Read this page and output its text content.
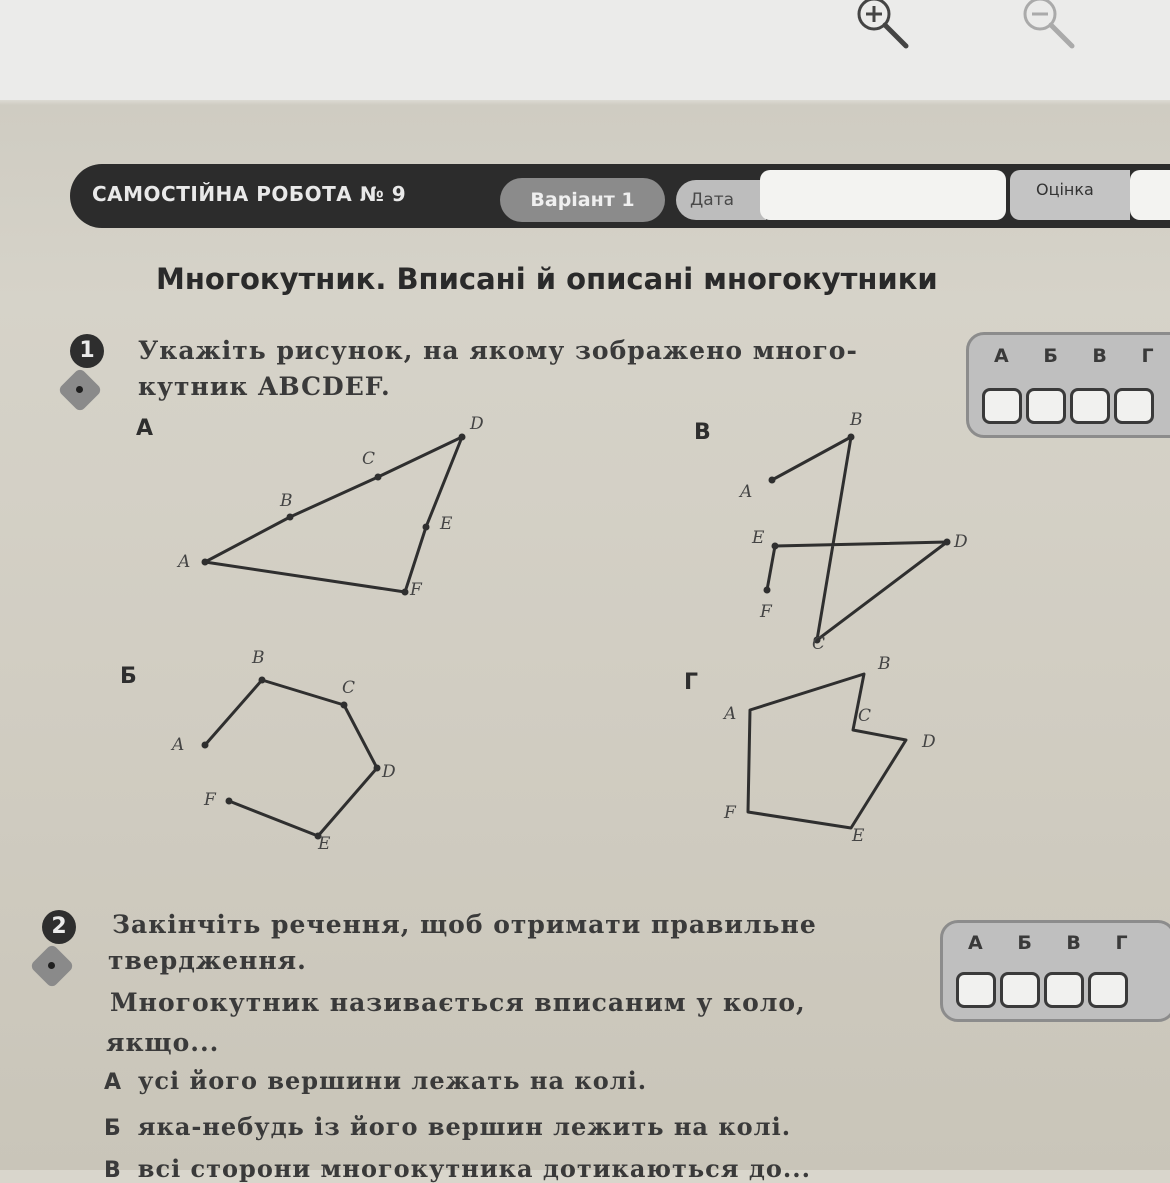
САМОСТІЙНА РОБОТА № 9	Варіант 1	Дата
Оцінка
Многокутник. Вписані й описані многокутники
1	Укажіть рисунок, на якому зображено много-
кутник ABCDEF.
А Б В Г
А	В
Б	Г
A
B
C
D
E
F
A
B
C
D
E
F
A
B
C
D
E
F
A
B
C
D
E
F
2	Закінчіть речення, щоб отримати правильне
твердження.
Многокутник називається вписаним у коло,
якщо...
А Б В Г
А усі його вершини лежать на колі.
Б яка-небудь із його вершин лежить на колі.
В всі сторони многокутника дотикаються до...
